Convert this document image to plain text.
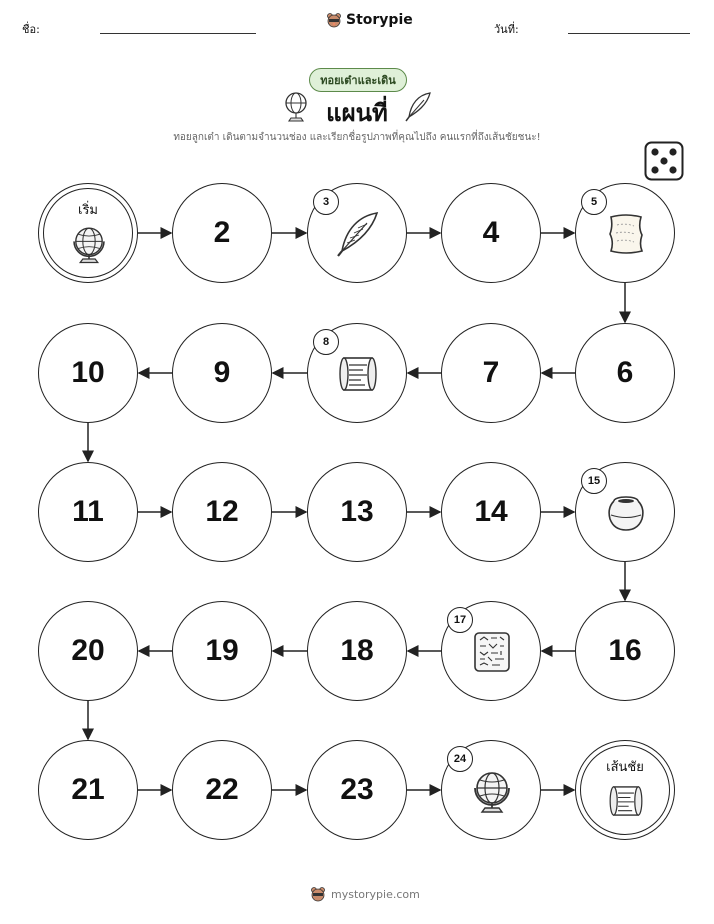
ชื่อ:
Storypie
วันที่:
ทอยเต๋าและเดิน
แผนที่
ทอยลูกเต๋า เดินตามจำนวนช่อง และเรียกชื่อรูปภาพที่คุณไปถึง คนแรกที่ถึงเส้นชัยชนะ!
เริ่ม
2
3
4
5
6
7
8
9
10
11	12	13	14
15
16
17
18
19
20
21	22	23
24
เส้นชัย
mystorypie.com
